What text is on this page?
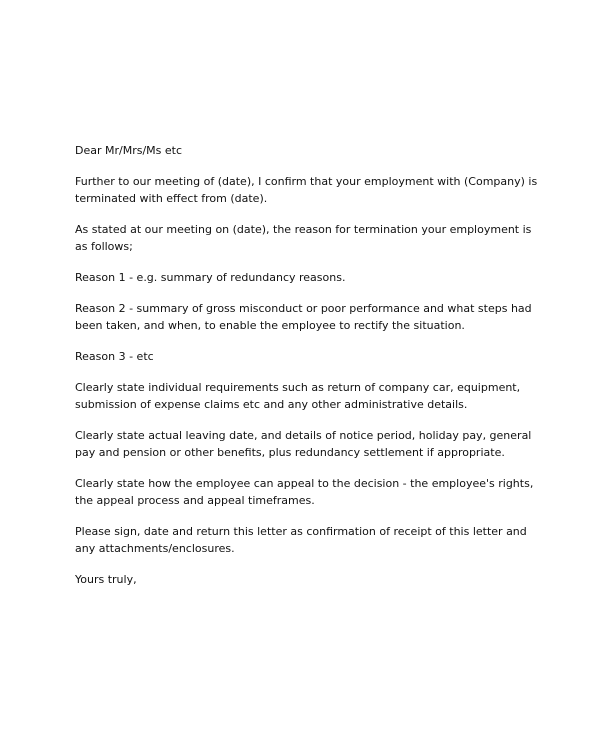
Dear Mr/Mrs/Ms etc

Further to our meeting of (date), I confirm that your employment with (Company) is
terminated with effect from (date).

As stated at our meeting on (date), the reason for termination your employment is
as follows;

Reason 1 - e.g. summary of redundancy reasons.

Reason 2 - summary of gross misconduct or poor performance and what steps had
been taken, and when, to enable the employee to rectify the situation.

Reason 3 - etc

Clearly state individual requirements such as return of company car, equipment,
submission of expense claims etc and any other administrative details.

Clearly state actual leaving date, and details of notice period, holiday pay, general
pay and pension or other benefits, plus redundancy settlement if appropriate.

Clearly state how the employee can appeal to the decision - the employee's rights,
the appeal process and appeal timeframes.

Please sign, date and return this letter as confirmation of receipt of this letter and
any attachments/enclosures.

Yours truly,
